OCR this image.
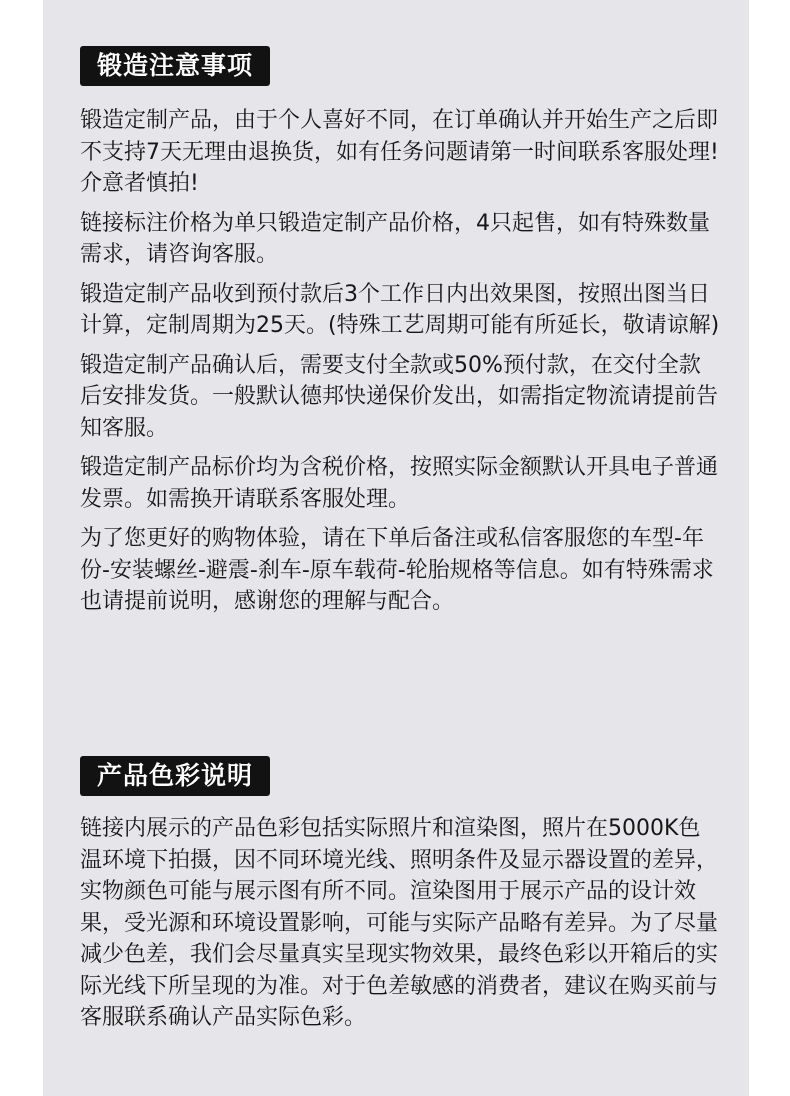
锻造注意事项

锻造定制产品，由于个人喜好不同，在订单确认并开始生产之后即不支持7天无理由退换货，如有任务问题请第一时间联系客服处理!介意者慎拍!

链接标注价格为单只锻造定制产品价格，4只起售，如有特殊数量需求，请咨询客服。

锻造定制产品收到预付款后3个工作日内出效果图，按照出图当日计算，定制周期为25天。(特殊工艺周期可能有所延长，敬请谅解)

锻造定制产品确认后，需要支付全款或50%预付款，在交付全款后安排发货。一般默认德邦快递保价发出，如需指定物流请提前告知客服。

锻造定制产品标价均为含税价格，按照实际金额默认开具电子普通发票。如需换开请联系客服处理。

为了您更好的购物体验，请在下单后备注或私信客服您的车型-年份-安装螺丝-避震-刹车-原车载荷-轮胎规格等信息。如有特殊需求也请提前说明，感谢您的理解与配合。

产品色彩说明

链接内展示的产品色彩包括实际照片和渲染图，照片在5000K色温环境下拍摄，因不同环境光线、照明条件及显示器设置的差异，实物颜色可能与展示图有所不同。渲染图用于展示产品的设计效果，受光源和环境设置影响，可能与实际产品略有差异。为了尽量减少色差，我们会尽量真实呈现实物效果，最终色彩以开箱后的实际光线下所呈现的为准。对于色差敏感的消费者，建议在购买前与客服联系确认产品实际色彩。
